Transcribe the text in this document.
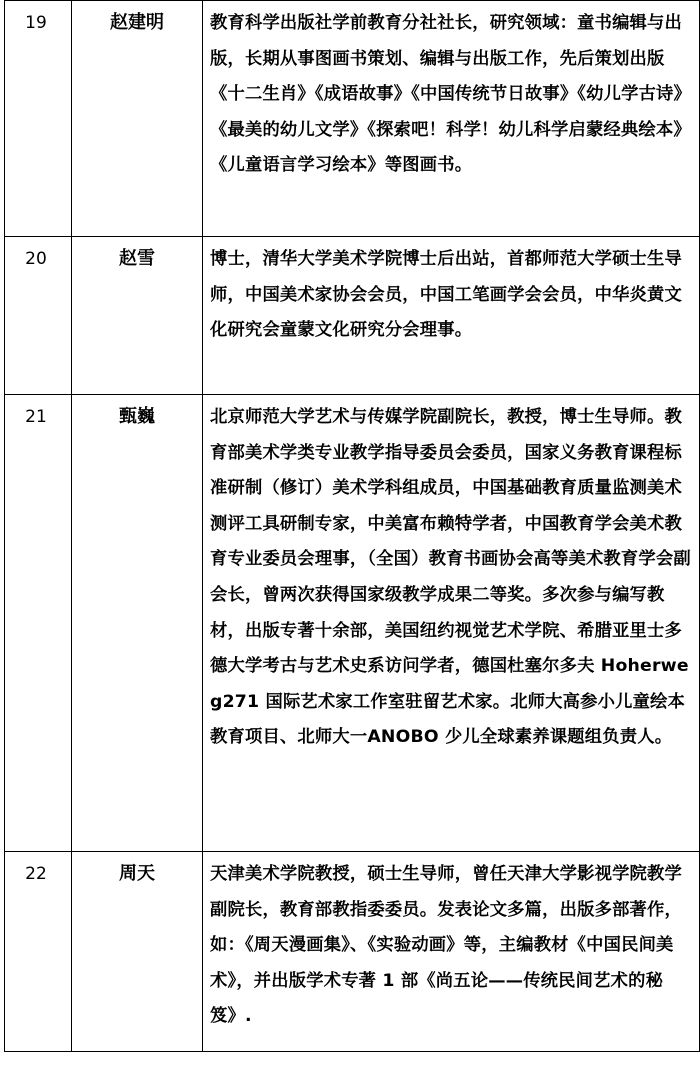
19	赵建明	教育科学出版社学前教育分社社长，研究领域：童书编辑与出版，长期从事图画书策划、编辑与出版工作，先后策划出版《十二生肖》《成语故事》《中国传统节日故事》《幼儿学古诗》《最美的幼儿文学》《探索吧！科学！幼儿科学启蒙经典绘本》《儿童语言学习绘本》等图画书。
20	赵雪	博士，清华大学美术学院博士后出站，首都师范大学硕士生导师，中国美术家协会会员，中国工笔画学会会员，中华炎黄文化研究会童蒙文化研究分会理事。
21	甄巍	北京师范大学艺术与传媒学院副院长，教授，博士生导师。教育部美术学类专业教学指导委员会委员，国家义务教育课程标准研制（修订）美术学科组成员，中国基础教育质量监测美术测评工具研制专家，中美富布赖特学者，中国教育学会美术教育专业委员会理事，（全国）教育书画协会高等美术教育学会副会长，曾两次获得国家级教学成果二等奖。多次参与编写教材，出版专著十余部，美国纽约视觉艺术学院、希腊亚里士多德大学考古与艺术史系访问学者，德国杜塞尔多夫 Hoherweg271 国际艺术家工作室驻留艺术家。北师大高参小儿童绘本教育项目、北师大一ANOBO 少儿全球素养课题组负责人。
22	周天	天津美术学院教授，硕士生导师，曾任天津大学影视学院教学副院长，教育部教指委委员。发表论文多篇，出版多部著作，如：《周天漫画集》、《实验动画》等，主编教材《中国民间美术》，并出版学术专著 1 部《尚五论——传统民间艺术的秘笈》.
